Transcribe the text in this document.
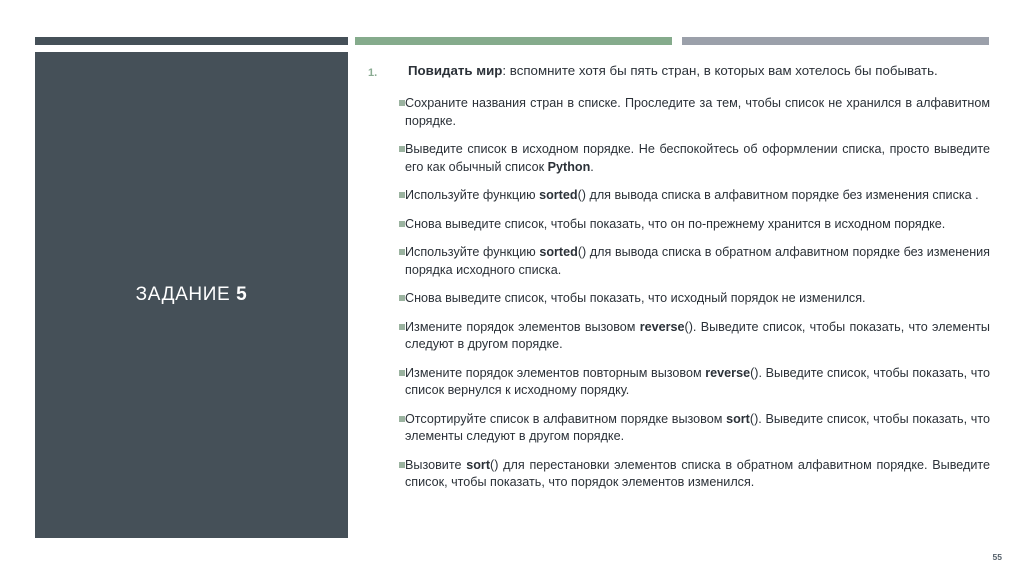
ЗАДАНИЕ 5
1.	Повидать мир: вспомните хотя бы пять стран, в которых вам хотелось бы побывать.
Сохраните названия стран в списке. Проследите за тем, чтобы список не хранился в алфавитном порядке.
Выведите список в исходном порядке. Не беспокойтесь об оформлении списка, просто выведите его как обычный список Python.
Используйте функцию sorted() для вывода списка в алфавитном порядке без изменения списка .
Снова выведите список, чтобы показать, что он по-прежнему хранится в исходном порядке.
Используйте функцию sorted() для вывода списка в обратном алфавитном порядке без изменения порядка исходного списка.
Снова выведите список, чтобы показать, что исходный порядок не изменился.
Измените порядок элементов вызовом reverse(). Выведите список, чтобы показать, что элементы следуют в другом порядке.
Измените порядок элементов повторным вызовом reverse(). Выведите список, чтобы показать, что список вернулся к исходному порядку.
Отсортируйте список в алфавитном порядке вызовом sort(). Выведите список, чтобы показать, что элементы следуют в другом порядке.
Вызовите sort() для перестановки элементов списка в обратном алфавитном порядке. Выведите список, чтобы показать, что порядок элементов изменился.
55
